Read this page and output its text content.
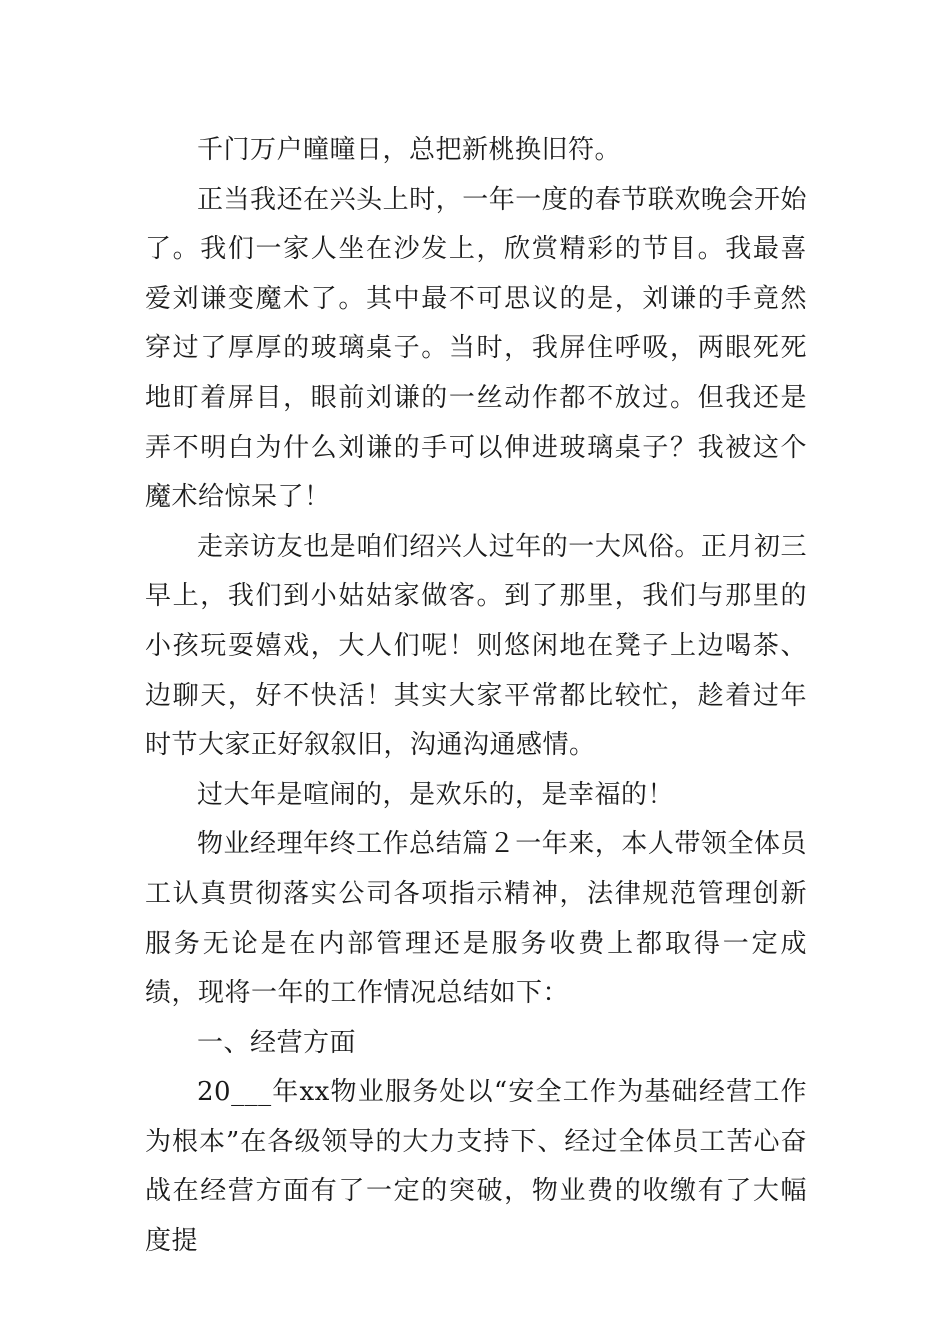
千门万户曈曈日，总把新桃换旧符。

正当我还在兴头上时，一年一度的春节联欢晚会开始了。我们一家人坐在沙发上，欣赏精彩的节目。我最喜爱刘谦变魔术了。其中最不可思议的是，刘谦的手竟然穿过了厚厚的玻璃桌子。当时，我屏住呼吸，两眼死死地盯着屏目，眼前刘谦的一丝动作都不放过。但我还是弄不明白为什么刘谦的手可以伸进玻璃桌子？我被这个魔术给惊呆了！

走亲访友也是咱们绍兴人过年的一大风俗。正月初三早上，我们到小姑姑家做客。到了那里，我们与那里的小孩玩耍嬉戏，大人们呢！则悠闲地在凳子上边喝茶、边聊天，好不快活！其实大家平常都比较忙，趁着过年时节大家正好叙叙旧，沟通沟通感情。

过大年是喧闹的，是欢乐的，是幸福的！

物业经理年终工作总结篇２一年来，本人带领全体员工认真贯彻落实公司各项指示精神，法律规范管理创新服务无论是在内部管理还是服务收费上都取得一定成绩，现将一年的工作情况总结如下：

一、经营方面

20___年xx物业服务处以“安全工作为基础经营工作为根本”在各级领导的大力支持下、经过全体员工苦心奋战在经营方面有了一定的突破，物业费的收缴有了大幅度提
